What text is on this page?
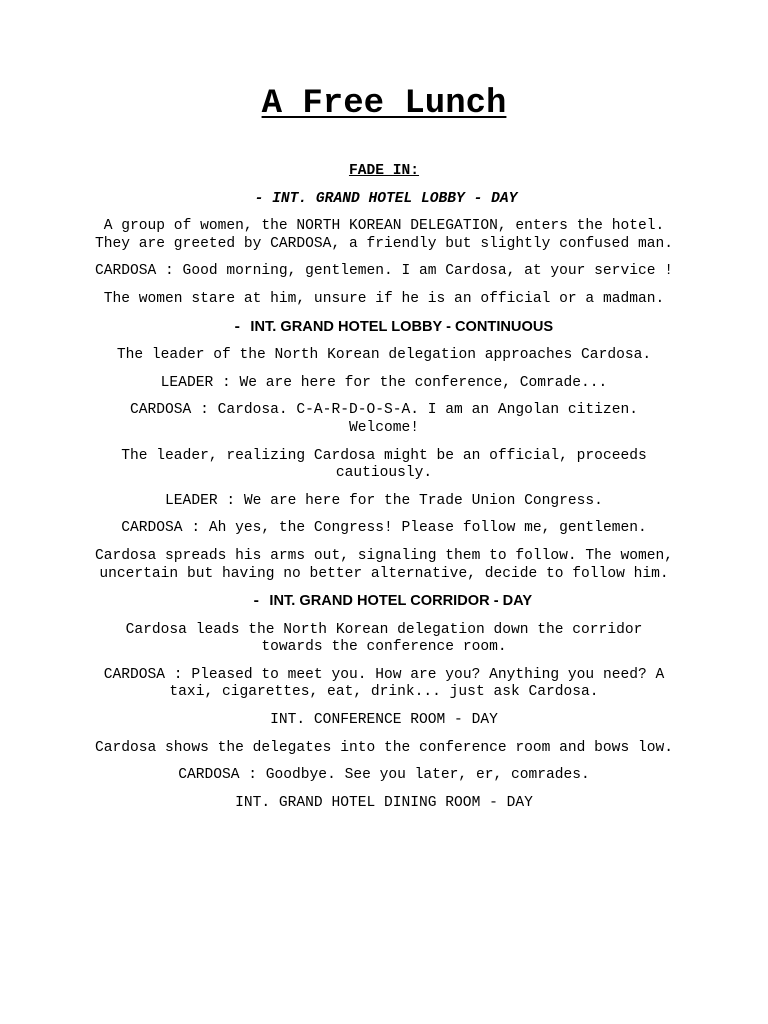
A Free Lunch

FADE IN:

- INT. GRAND HOTEL LOBBY - DAY

A group of women, the NORTH KOREAN DELEGATION, enters the hotel. They are greeted by CARDOSA, a friendly but slightly confused man.

CARDOSA : Good morning, gentlemen. I am Cardosa, at your service !

The women stare at him, unsure if he is an official or a madman.

- INT. GRAND HOTEL LOBBY - CONTINUOUS

The leader of the North Korean delegation approaches Cardosa.

LEADER : We are here for the conference, Comrade...

CARDOSA : Cardosa. C-A-R-D-O-S-A. I am an Angolan citizen. Welcome!

The leader, realizing Cardosa might be an official, proceeds cautiously.

LEADER : We are here for the Trade Union Congress.

CARDOSA : Ah yes, the Congress! Please follow me, gentlemen.

Cardosa spreads his arms out, signaling them to follow. The women, uncertain but having no better alternative, decide to follow him.

- INT. GRAND HOTEL CORRIDOR - DAY

Cardosa leads the North Korean delegation down the corridor towards the conference room.

CARDOSA : Pleased to meet you. How are you? Anything you need? A taxi, cigarettes, eat, drink... just ask Cardosa.

INT. CONFERENCE ROOM - DAY

Cardosa shows the delegates into the conference room and bows low.

CARDOSA : Goodbye. See you later, er, comrades.

INT. GRAND HOTEL DINING ROOM - DAY
